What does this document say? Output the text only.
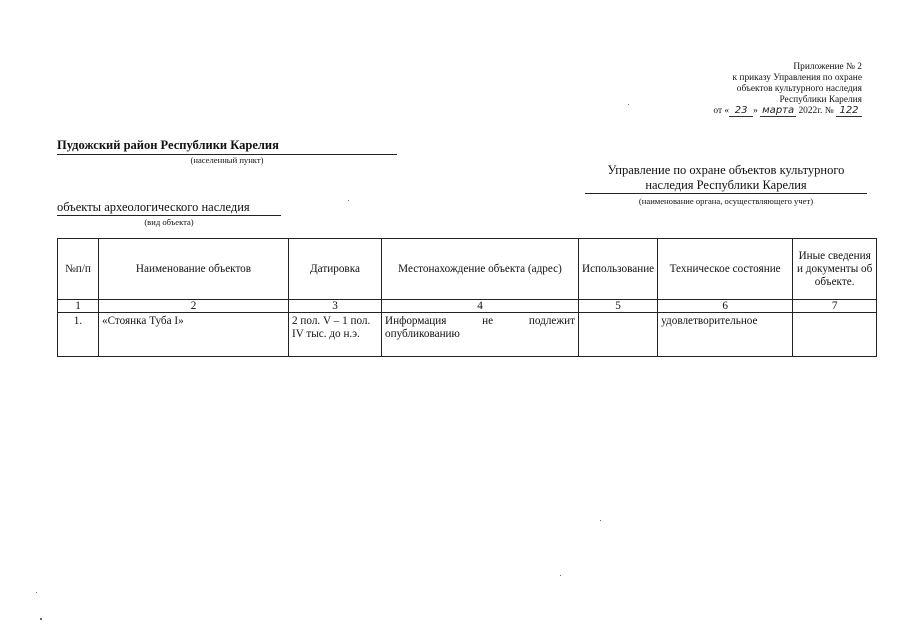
Приложение № 2
к приказу Управления по охране
объектов культурного наследия
Республики Карелия
от « 23 » марта 2022г. № 122
Пудожский район Республики Карелия
(населенный пункт)
Управление по охране объектов культурного наследия Республики Карелия
(наименование органа, осуществляющего учет)
объекты археологического наследия
(вид объекта)
№п/п	Наименование объектов	Датировка	Местонахождение объекта (адрес)	Использование	Техническое состояние	Иные сведения и документы об объекте.
1	2	3	4	5	6	7
1.	«Стоянка Туба I»	2 пол. V – 1 пол. IV тыс. до н.э.	Информация не подлежит опубликованию		удовлетворительное	
